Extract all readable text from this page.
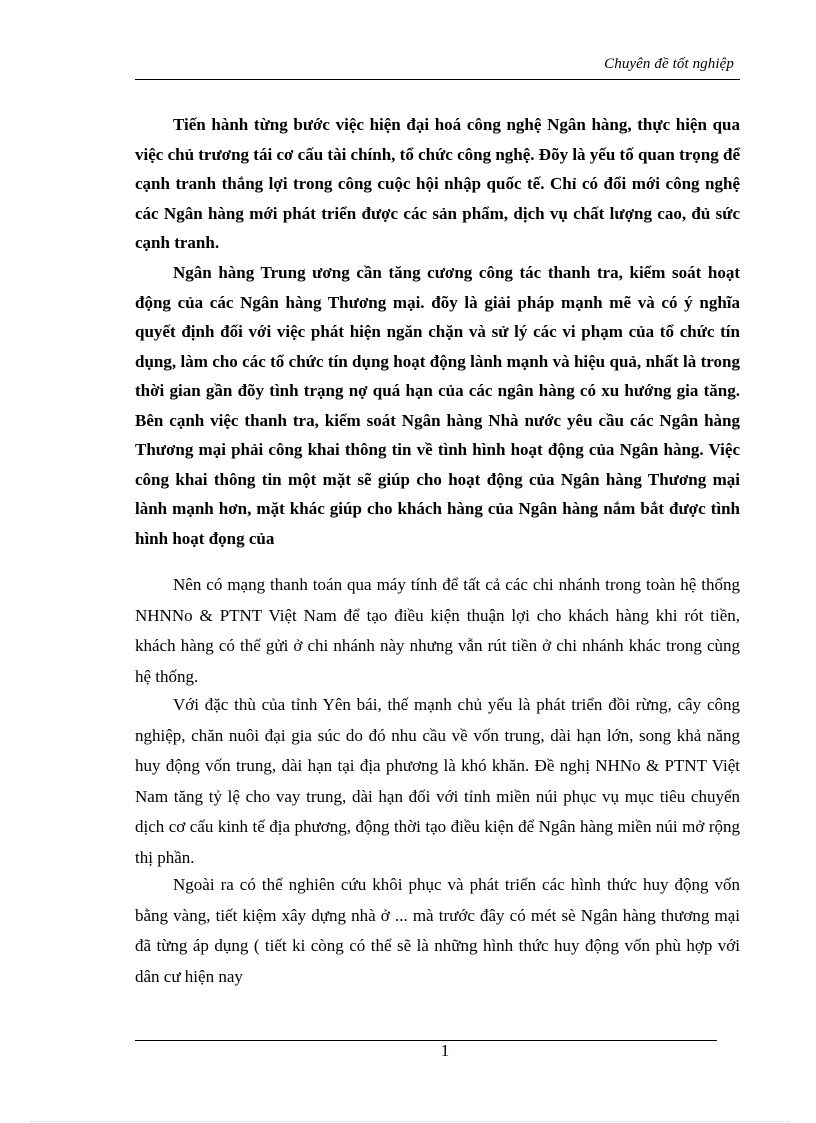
Chuyên đề tốt nghiệp

Tiến hành từng bước việc hiện đại hoá công nghệ Ngân hàng, thực hiện qua việc chủ trương tái cơ cấu tài chính, tổ chức công nghệ. Đõy là yếu tố quan trọng để cạnh tranh thắng lợi trong công cuộc hội nhập quốc tế. Chỉ có đổi mới công nghệ các Ngân hàng mới phát triển được các sản phẩm, dịch vụ chất lượng cao, đủ sức cạnh tranh.

Ngân hàng Trung ương cần tăng cương công tác thanh tra, kiểm soát hoạt động của các Ngân hàng Thương mại. đõy là giải pháp mạnh mẽ và có ý nghĩa quyết định đối với việc phát hiện ngăn chặn và sử lý các vi phạm của tổ chức tín dụng, làm cho các tổ chức tín dụng hoạt động lành mạnh và hiệu quả, nhất là trong thời gian gần đõy tình trạng nợ quá hạn của các ngân hàng có xu hướng gia tăng. Bên cạnh việc thanh tra, kiểm soát Ngân hàng Nhà nước yêu cầu các Ngân hàng Thương mại phải công khai thông tin về tình hình hoạt động của Ngân hàng. Việc công khai thông tin một mặt sẽ giúp cho hoạt động của Ngân hàng Thương mại lành mạnh hơn, mặt khác giúp cho khách hàng của Ngân hàng nắm bắt được tình hình hoạt đọng của

Nên có mạng thanh toán qua máy tính để tất cả các chi nhánh trong toàn hệ thống NHNNo & PTNT Việt Nam để tạo điều kiện thuận lợi cho khách hàng khi rót tiền, khách hàng có thể gửi ở chi nhánh này nhưng vẫn rút tiền ở chi nhánh khác trong cùng hệ thống.

Với đặc thù của tỉnh Yên bái, thế mạnh chủ yếu là phát triển đồi rừng, cây công nghiệp, chăn nuôi đại gia súc do đó nhu cầu về vốn trung, dài hạn lớn, song khả năng huy động vốn trung, dài hạn tại địa phương là khó khăn. Đề nghị NHNo & PTNT Việt Nam tăng tỷ lệ cho vay trung, dài hạn đối với tỉnh miền núi phục vụ mục tiêu chuyển dịch cơ cấu kinh tế địa phương, động thời tạo điều kiện để Ngân hàng miền núi mở rộng thị phần.

Ngoài ra có thể nghiên cứu khôi phục và phát triển các hình thức huy động vốn bằng vàng, tiết kiệm xây dựng nhà ở ... mà trước đây có mét sè Ngân hàng thương mại đã từng áp dụng ( tiết ki còng có thể sẽ là những hình thức huy động vốn phù hợp với dân cư hiện nay

1
